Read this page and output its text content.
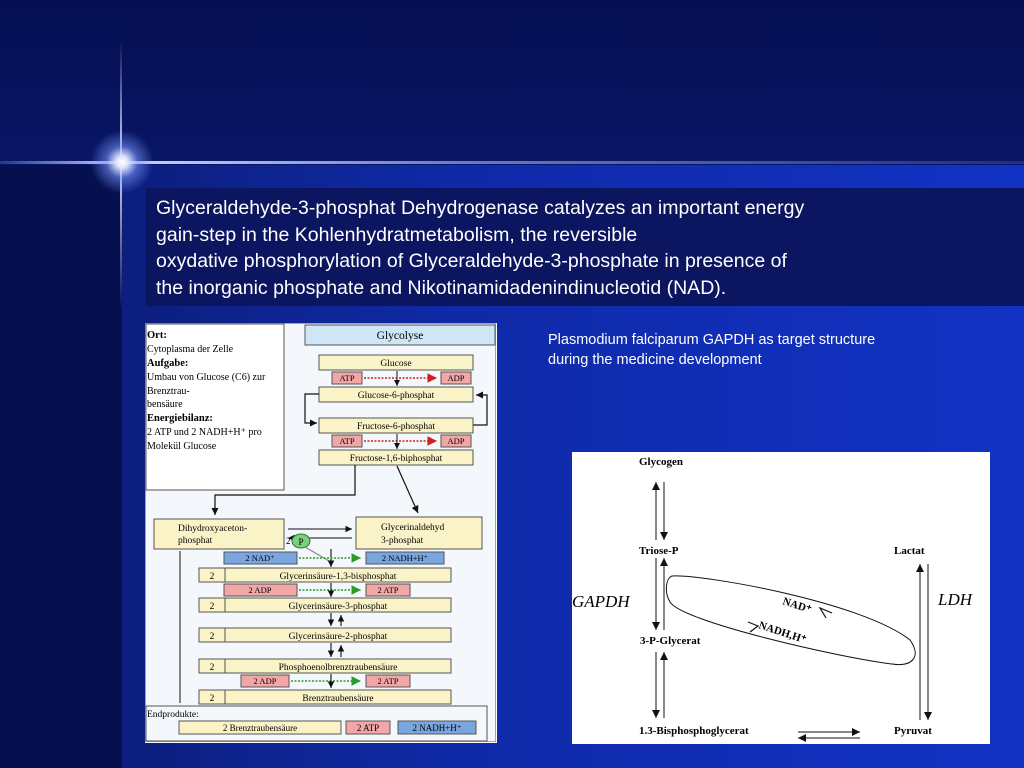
Glyceraldehyde-3-phosphat Dehydrogenase catalyzes an important energy
gain-step in the Kohlenhydratmetabolism, the reversible
oxydative phosphorylation of Glyceraldehyde-3-phosphate in presence of
the inorganic phosphate and Nikotinamidadenindinucleotid (NAD).
Plasmodium falciparum GAPDH as target structure
during the medicine development
Ort:
Cytoplasma der Zelle
Aufgabe:
Umbau von Glucose (C6) zur
Brenztrau-
bensäure
Energiebilanz:
2 ATP und 2 NADH+H⁺ pro
Molekül Glucose
Glycolyse
Glucose
ATP	ADP
Glucose-6-phosphat
Fructose-6-phosphat
ATP	ADP
Fructose-1,6-biphosphat
Dihydroxyaceton-
phosphat
Glycerinaldehyd
3-phosphat
2 P
2 NAD⁺	2 NADH+H⁺
2	Glycerinsäure-1,3-bisphosphat
2 ADP	2 ATP
2	Glycerinsäure-3-phosphat
2	Glycerinsäure-2-phosphat
2	Phosphoenolbrenztraubensäure
2 ADP	2 ATP
2	Brenztraubensäure
Endprodukte:
2 Brenztraubensäure	2 ATP	2 NADH+H⁺
Glycogen
Triose-P	Lactat
GAPDH	LDH
NAD⁺
NADH,H⁺
3-P-Glycerat
1.3-Bisphosphoglycerat	Pyruvat
